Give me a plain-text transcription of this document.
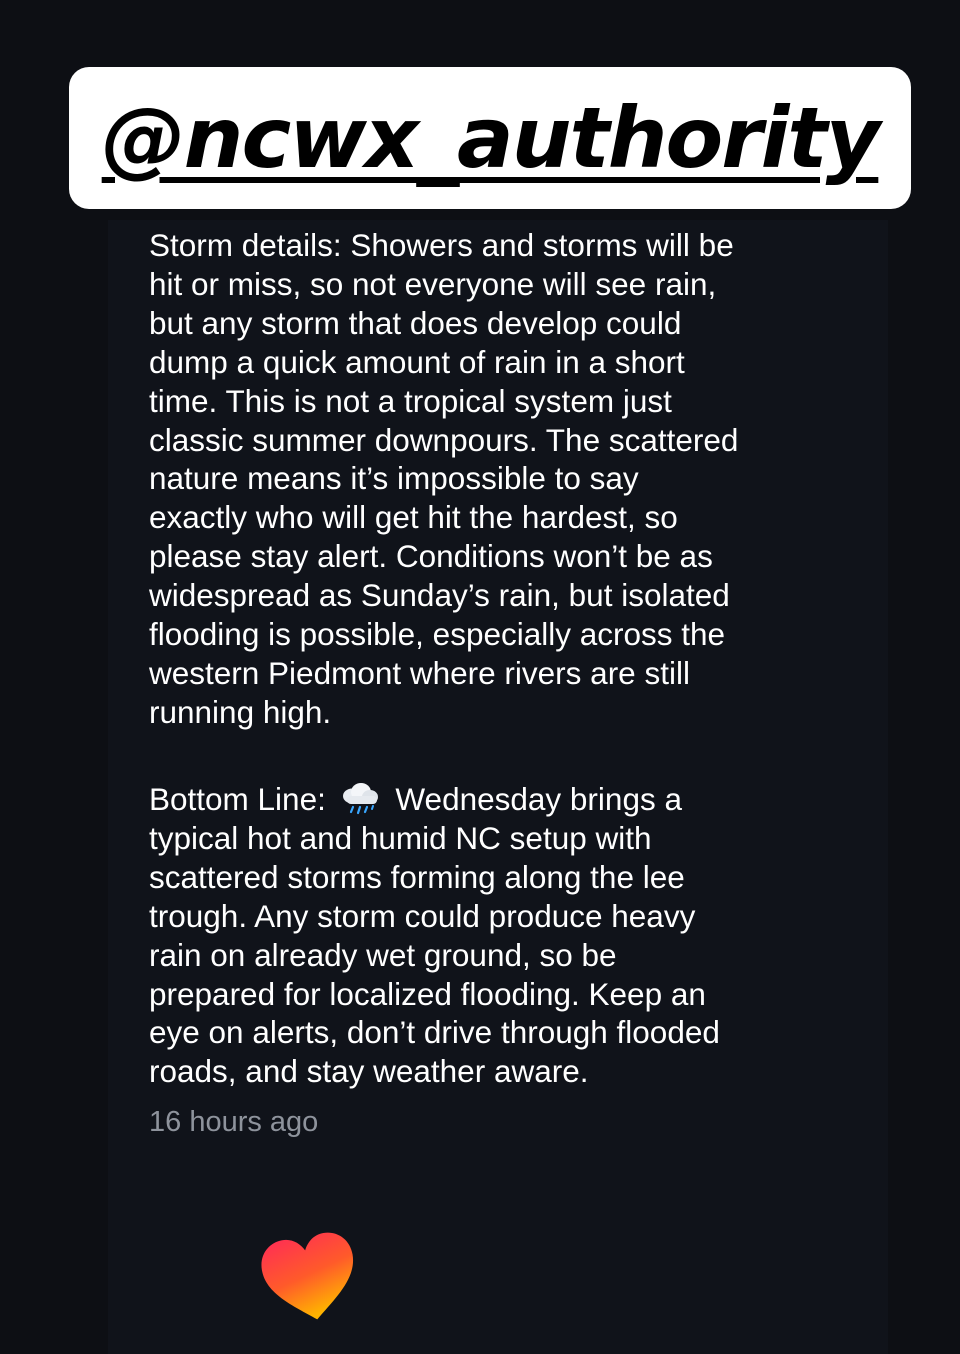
@ncwx_authority
Storm details: Showers and storms will be
hit or miss, so not everyone will see rain,
but any storm that does develop could
dump a quick amount of rain in a short
time. This is not a tropical system just
classic summer downpours. The scattered
nature means it’s impossible to say
exactly who will get hit the hardest, so
please stay alert. Conditions won’t be as
widespread as Sunday’s rain, but isolated
flooding is possible, especially across the
western Piedmont where rivers are still
running high.
Bottom Line: Wednesday brings a
typical hot and humid NC setup with
scattered storms forming along the lee
trough. Any storm could produce heavy
rain on already wet ground, so be
prepared for localized flooding. Keep an
eye on alerts, don’t drive through flooded
roads, and stay weather aware.

16 hours ago
